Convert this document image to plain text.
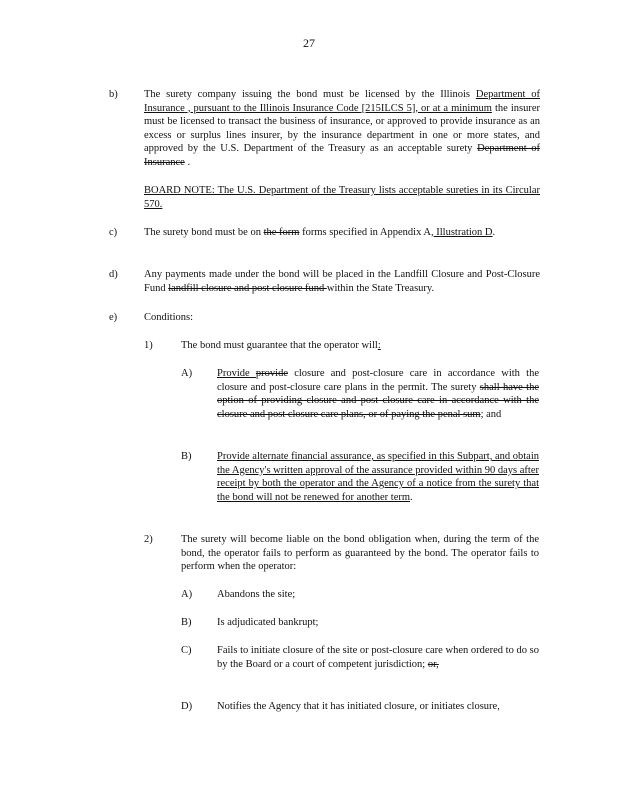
27
b)	The surety company issuing the bond must be licensed by the Illinois Department of Insurance , pursuant to the Illinois Insurance Code [215ILCS 5], or at a minimum the insurer must be licensed to transact the business of insurance, or approved to provide insurance as an excess or surplus lines insurer, by the insurance department in one or more states, and approved by the U.S. Department of the Treasury as an acceptable surety Department of Insurance .
BOARD NOTE: The U.S. Department of the Treasury lists acceptable sureties in its Circular 570.
c)	The surety bond must be on the form forms specified in Appendix A, Illustration D.
d)	Any payments made under the bond will be placed in the Landfill Closure and Post-Closure Fund landfill closure and post closure fund within the State Treasury.
e)	Conditions:
1)	The bond must guarantee that the operator will:
A) Provide provide closure and post-closure care in accordance with the closure and post-closure care plans in the permit. The surety shall have the option of providing closure and post closure care in accordance with the closure and post closure care plans, or of paying the penal sum; and
B) Provide alternate financial assurance, as specified in this Subpart, and obtain the Agency's written approval of the assurance provided within 90 days after receipt by both the operator and the Agency of a notice from the surety that the bond will not be renewed for another term.
2)	The surety will become liable on the bond obligation when, during the term of the bond, the operator fails to perform as guaranteed by the bond. The operator fails to perform when the operator:
A) Abandons the site;
B) Is adjudicated bankrupt;
C) Fails to initiate closure of the site or post-closure care when ordered to do so by the Board or a court of competent jurisdiction; or,
D) Notifies the Agency that it has initiated closure, or initiates closure,
